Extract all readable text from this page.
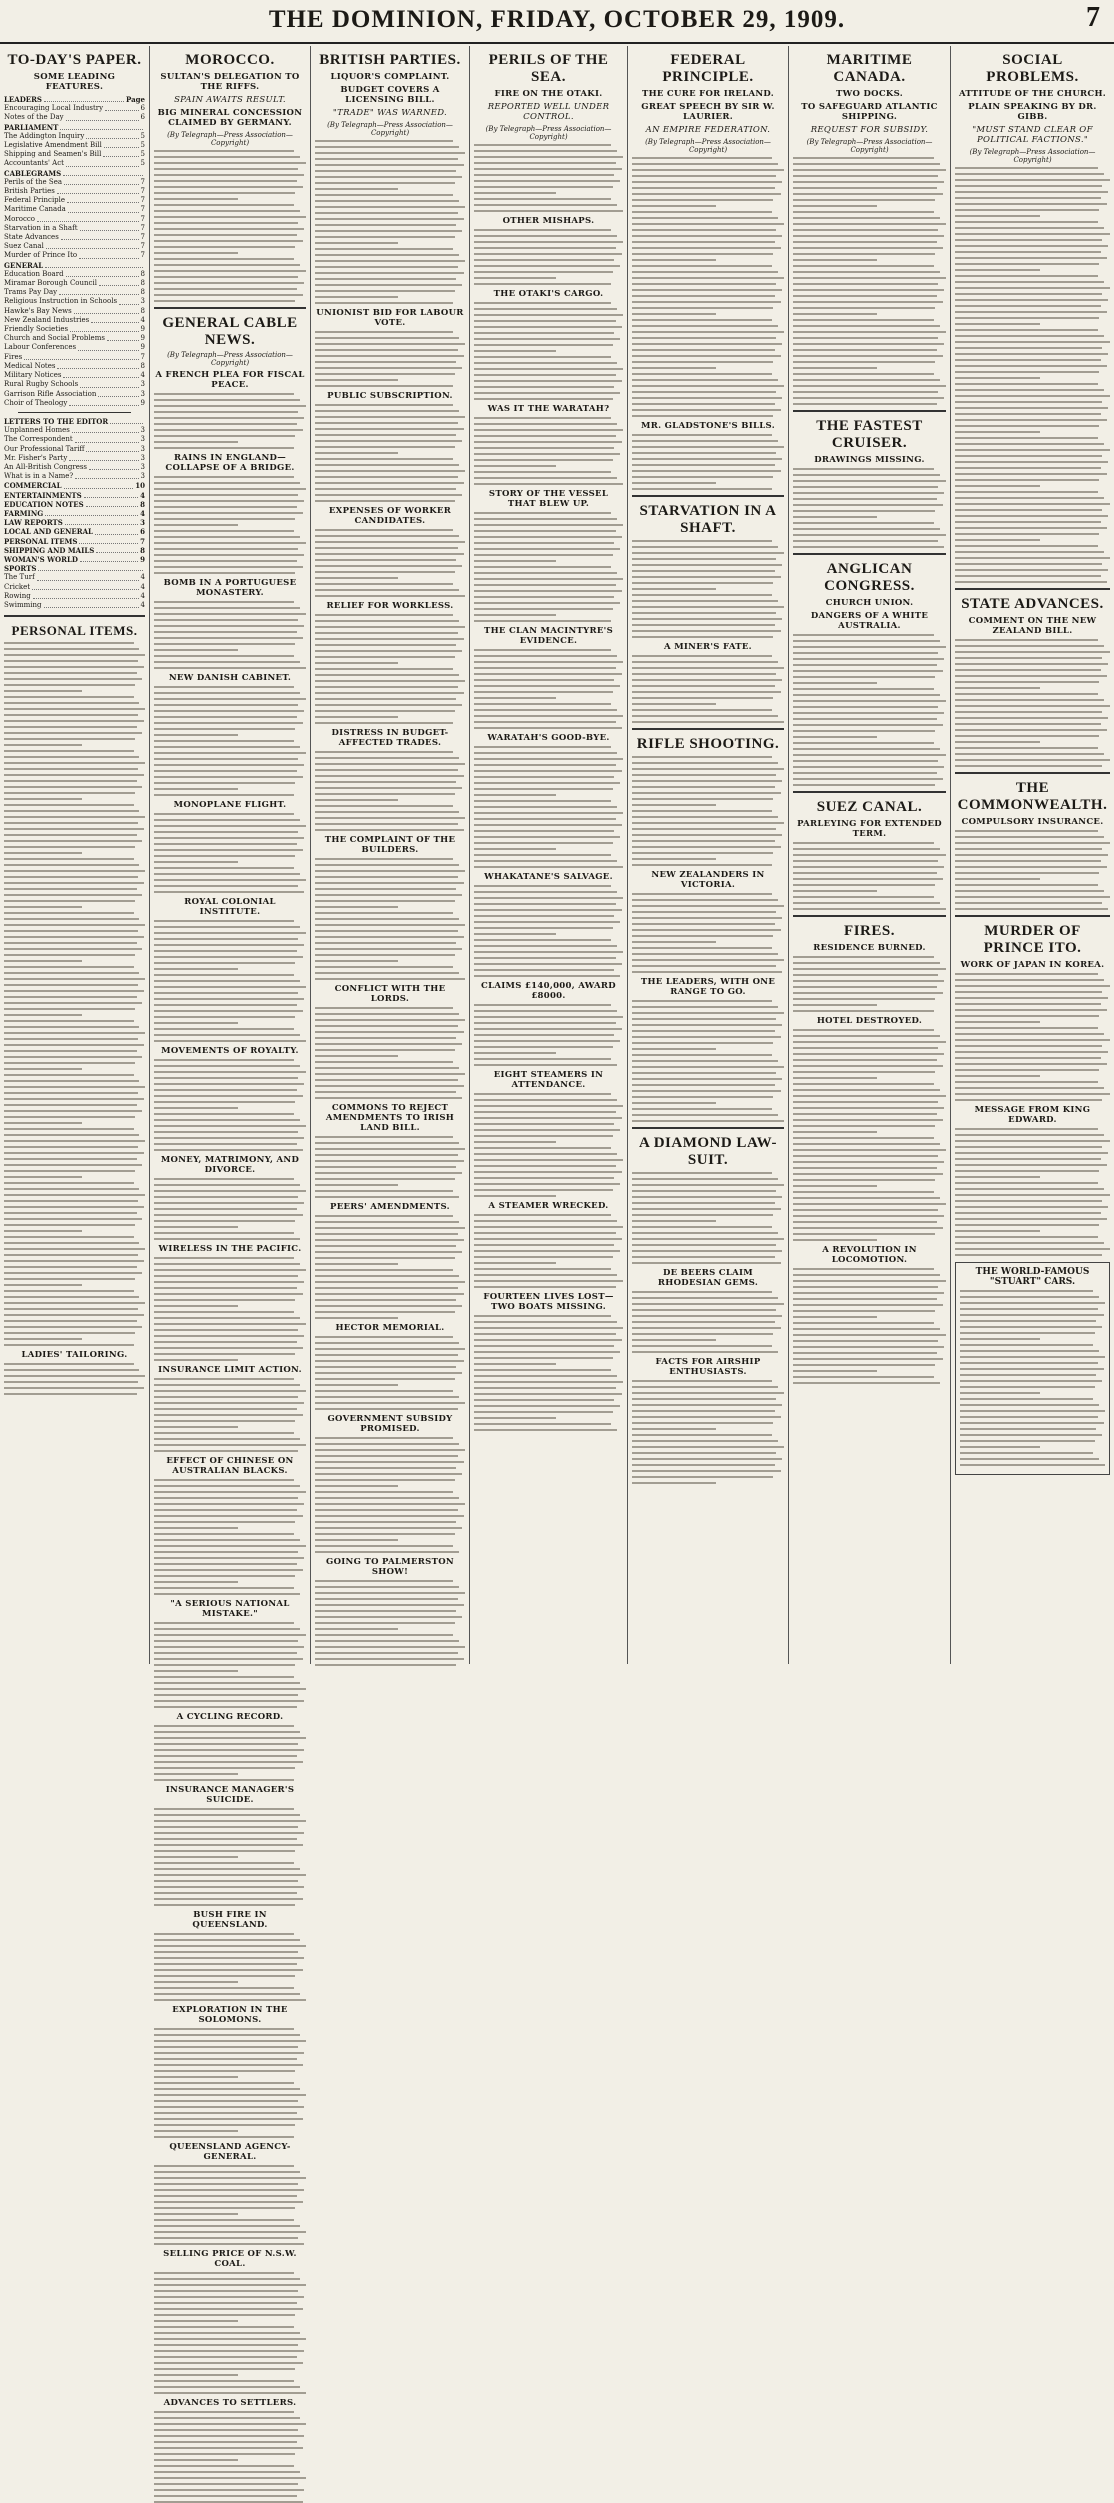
THE DOMINION, FRIDAY, OCTOBER 29, 1909.	7
TO-DAY'S PAPER.
SOME LEADING FEATURES.
LEADERS	Page
Encouraging Local Industry	6
Notes of the Day	6
PARLIAMENT
The Addington Inquiry	5
Legislative Amendment Bill	5
Shipping and Seamen's Bill	5
Accountants' Act	5
CABLEGRAMS
Perils of the Sea	7
British Parties	7
Federal Principle	7
Maritime Canada	7
Morocco	7
Starvation in a Shaft	7
State Advances	7
Suez Canal	7
Murder of Prince Ito	7
GENERAL
Education Board	8
Miramar Borough Council	8
Trams Pay Day	8
Religious Instruction in Schools	3
Hawke's Bay News	8
New Zealand Industries	4
Friendly Societies	9
Church and Social Problems	9
Labour Conferences	9
Fires	7
Medical Notes	8
Military Notices	4
Rural Rugby Schools	3
Garrison Rifle Association	3
Choir of Theology	9
LETTERS TO THE EDITOR
Unplanned Homes	3
The Correspondent	3
Our Professional Tariff	3
Mr. Fisher's Party	3
An All-British Congress	3
What is in a Name?	3
COMMERCIAL	10
ENTERTAINMENTS	4
EDUCATION NOTES	8
FARMING	4
LAW REPORTS	3
LOCAL AND GENERAL	6
PERSONAL ITEMS	7
SHIPPING AND MAILS	8
WOMAN'S WORLD	9
SPORTS
The Turf	4
Cricket	4
Rowing	4
Swimming	4
PERSONAL ITEMS.
LADIES' TAILORING.
MOROCCO.
SULTAN'S DELEGATION TO THE RIFFS.
SPAIN AWAITS RESULT.
BIG MINERAL CONCESSION CLAIMED BY GERMANY.
(By Telegraph—Press Association—Copyright)
GENERAL CABLE NEWS.
(By Telegraph—Press Association—Copyright)
A FRENCH PLEA FOR FISCAL PEACE.
RAINS IN ENGLAND—COLLAPSE OF A BRIDGE.
BOMB IN A PORTUGUESE MONASTERY.
NEW DANISH CABINET.
MONOPLANE FLIGHT.
ROYAL COLONIAL INSTITUTE.
MOVEMENTS OF ROYALTY.
MONEY, MATRIMONY, AND DIVORCE.
WIRELESS IN THE PACIFIC.
INSURANCE LIMIT ACTION.
EFFECT OF CHINESE ON AUSTRALIAN BLACKS.
"A SERIOUS NATIONAL MISTAKE."
A CYCLING RECORD.
INSURANCE MANAGER'S SUICIDE.
BUSH FIRE IN QUEENSLAND.
EXPLORATION IN THE SOLOMONS.
QUEENSLAND AGENCY-GENERAL.
SELLING PRICE OF N.S.W. COAL.
ADVANCES TO SETTLERS.
BRITISH PARTIES.
LIQUOR'S COMPLAINT.
BUDGET COVERS A LICENSING BILL.
"TRADE" WAS WARNED.
(By Telegraph—Press Association—Copyright)
UNIONIST BID FOR LABOUR VOTE.
PUBLIC SUBSCRIPTION.
EXPENSES OF WORKER CANDIDATES.
RELIEF FOR WORKLESS.
DISTRESS IN BUDGET-AFFECTED TRADES.
THE COMPLAINT OF THE BUILDERS.
CONFLICT WITH THE LORDS.
COMMONS TO REJECT AMENDMENTS TO IRISH LAND BILL.
PEERS' AMENDMENTS.
HECTOR MEMORIAL.
GOVERNMENT SUBSIDY PROMISED.
GOING TO PALMERSTON SHOW!
PERILS OF THE SEA.
FIRE ON THE OTAKI.
REPORTED WELL UNDER CONTROL.
(By Telegraph—Press Association—Copyright)
OTHER MISHAPS.
THE OTAKI'S CARGO.
WAS IT THE WARATAH?
STORY OF THE VESSEL THAT BLEW UP.
THE CLAN MACINTYRE'S EVIDENCE.
WARATAH'S GOOD-BYE.
WHAKATANE'S SALVAGE.
CLAIMS £140,000, AWARD £8000.
EIGHT STEAMERS IN ATTENDANCE.
A STEAMER WRECKED.
FOURTEEN LIVES LOST—TWO BOATS MISSING.
FEDERAL PRINCIPLE.
THE CURE FOR IRELAND.
GREAT SPEECH BY SIR W. LAURIER.
AN EMPIRE FEDERATION.
(By Telegraph—Press Association—Copyright)
MR. GLADSTONE'S BILLS.
STARVATION IN A SHAFT.
A MINER'S FATE.
RIFLE SHOOTING.
NEW ZEALANDERS IN VICTORIA.
THE LEADERS, WITH ONE RANGE TO GO.
A DIAMOND LAW-SUIT.
DE BEERS CLAIM RHODESIAN GEMS.
FACTS FOR AIRSHIP ENTHUSIASTS.
MARITIME CANADA.
TWO DOCKS.
TO SAFEGUARD ATLANTIC SHIPPING.
REQUEST FOR SUBSIDY.
(By Telegraph—Press Association—Copyright)
THE FASTEST CRUISER.
DRAWINGS MISSING.
ANGLICAN CONGRESS.
CHURCH UNION.
DANGERS OF A WHITE AUSTRALIA.
SUEZ CANAL.
PARLEYING FOR EXTENDED TERM.
FIRES.
RESIDENCE BURNED.
HOTEL DESTROYED.
A REVOLUTION IN LOCOMOTION.
SOCIAL PROBLEMS.
ATTITUDE OF THE CHURCH.
PLAIN SPEAKING BY DR. GIBB.
"MUST STAND CLEAR OF POLITICAL FACTIONS."
(By Telegraph—Press Association—Copyright)
STATE ADVANCES.
COMMENT ON THE NEW ZEALAND BILL.
THE COMMONWEALTH.
COMPULSORY INSURANCE.
MURDER OF PRINCE ITO.
WORK OF JAPAN IN KOREA.
MESSAGE FROM KING EDWARD.
THE WORLD-FAMOUS "STUART" CARS.
